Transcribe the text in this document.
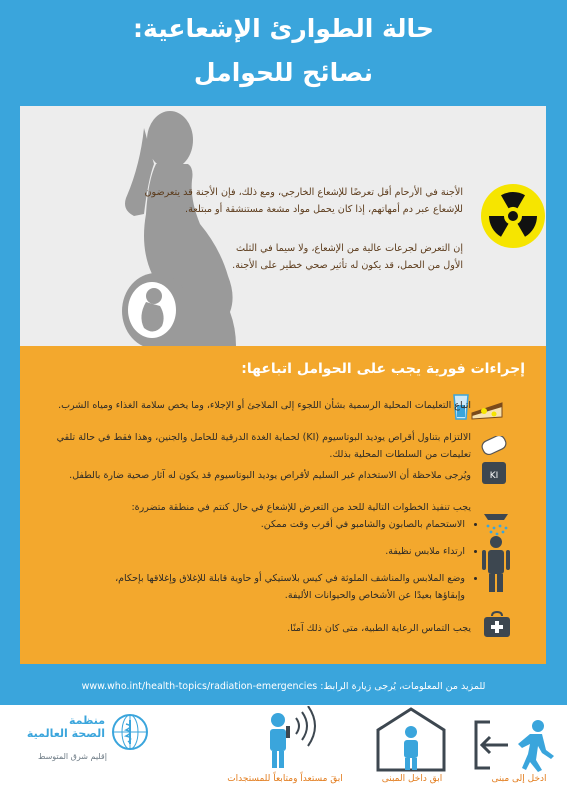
حالة الطوارئ الإشعاعية:
نصائح للحوامل
الأجنة في الأرحام أقل تعرضًا للإشعاع الخارجي، ومع ذلك، فإن الأجنة قد يتعرضون
للإشعاع عبر دم أمهاتهم، إذا كان يحمل مواد مشعة مستنشقة أو مبتلعة.
إن التعرض لجرعات عالية من الإشعاع، ولا سيما في الثلث
الأول من الحمل، قد يكون له تأثير صحي خطير على الأجنة.
إجراءات فورية يجب على الحوامل اتباعها:
اتباع التعليمات المحلية الرسمية بشأن اللجوء إلى الملاجئ أو الإجلاء، وما يخص سلامة الغذاء ومياه الشرب.
الالتزام بتناول أقراص يوديد البوتاسيوم (KI) لحماية الغدة الدرقية للحامل والجنين، وهذا فقط في حالة تلقي
تعليمات من السلطات المحلية بذلك.
ويُرجى ملاحظة أن الاستخدام غير السليم لأقراص يوديد البوتاسيوم قد يكون له آثار صحية ضارة بالطفل. KI
يجب تنفيذ الخطوات التالية للحد من التعرض للإشعاع في حال كنتم في منطقة متضررة:
• الاستحمام بالصابون والشامبو في أقرب وقت ممكن.
• ارتداء ملابس نظيفة.
• وضع الملابس والمناشف الملوثة في كيس بلاستيكي أو حاوية قابلة للإغلاق وإغلاقها بإحكام، وإبقاؤها بعيدًا عن الأشخاص والحيوانات الأليفة.
يجب التماس الرعاية الطبية، متى كان ذلك آمنًا.
للمزيد من المعلومات، يُرجى زيارة الرابط: www.who.int/health-topics/radiation-emergencies
منظمة
الصحة العالمية
إقليم شرق المتوسط
ابقَ مستعداً ومتابعاً للمستجدات	ابق داخل المبنى	ادخل إلى مبنى
